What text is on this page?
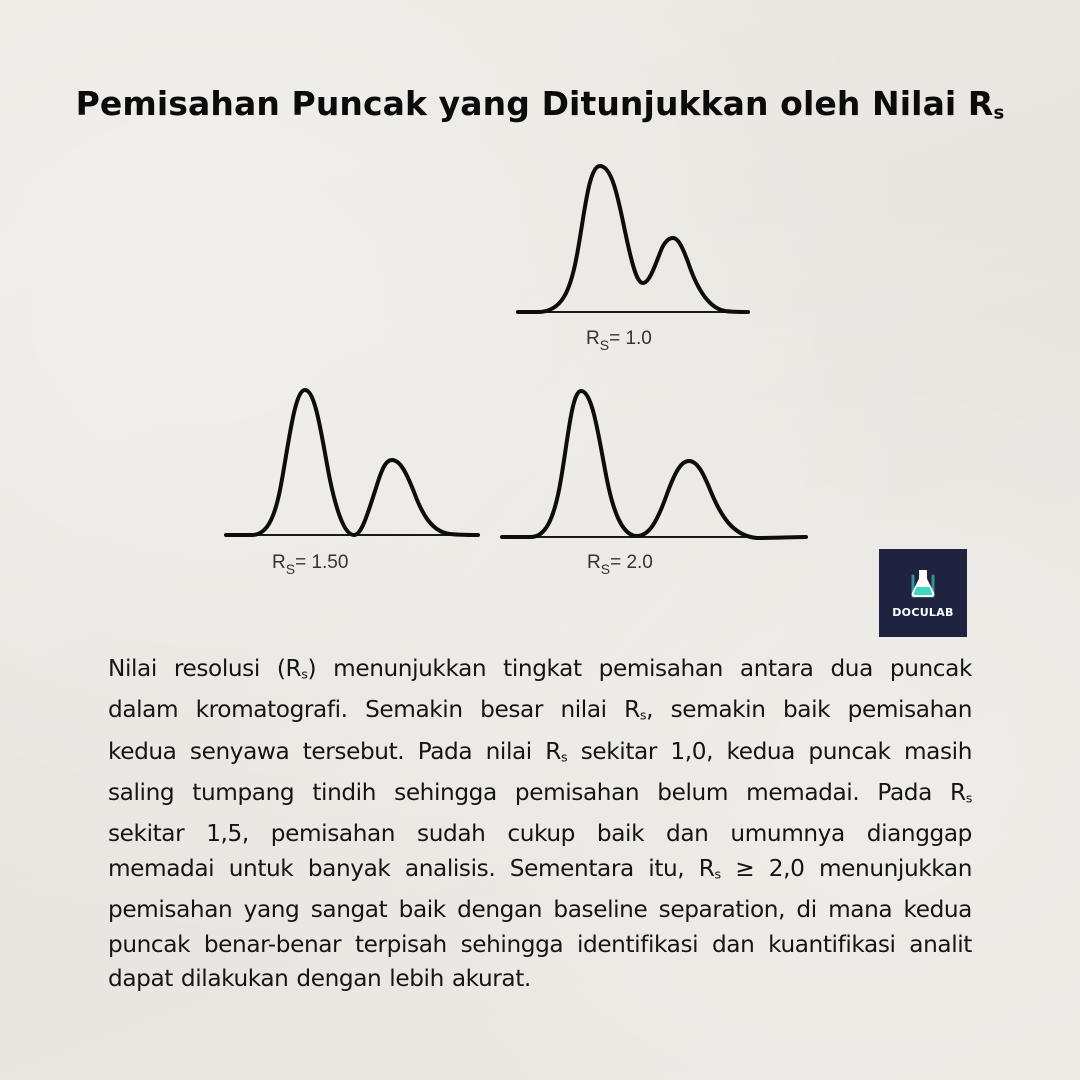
Pemisahan Puncak yang Ditunjukkan oleh Nilai $R_s$
$R_S= 1.0$
$R_S= 1.50$	$R_S= 2.0$
DOCULAB
Nilai resolusi $(R_s)$ menunjukkan tingkat pemisahan antara dua puncak dalam kromatografi. Semakin besar nilai $R_s$, semakin baik pemisahan kedua senyawa tersebut. Pada nilai $R_s$ sekitar 1,0, kedua puncak masih saling tumpang tindih sehingga pemisahan belum memadai. Pada $R_s$ sekitar 1,5, pemisahan sudah cukup baik dan umumnya dianggap memadai untuk banyak analisis. Sementara itu, $R_s \ge 2,0$ menunjukkan pemisahan yang sangat baik dengan baseline separation, di mana kedua puncak benar-benar terpisah sehingga identifikasi dan kuantifikasi analit dapat dilakukan dengan lebih akurat.
